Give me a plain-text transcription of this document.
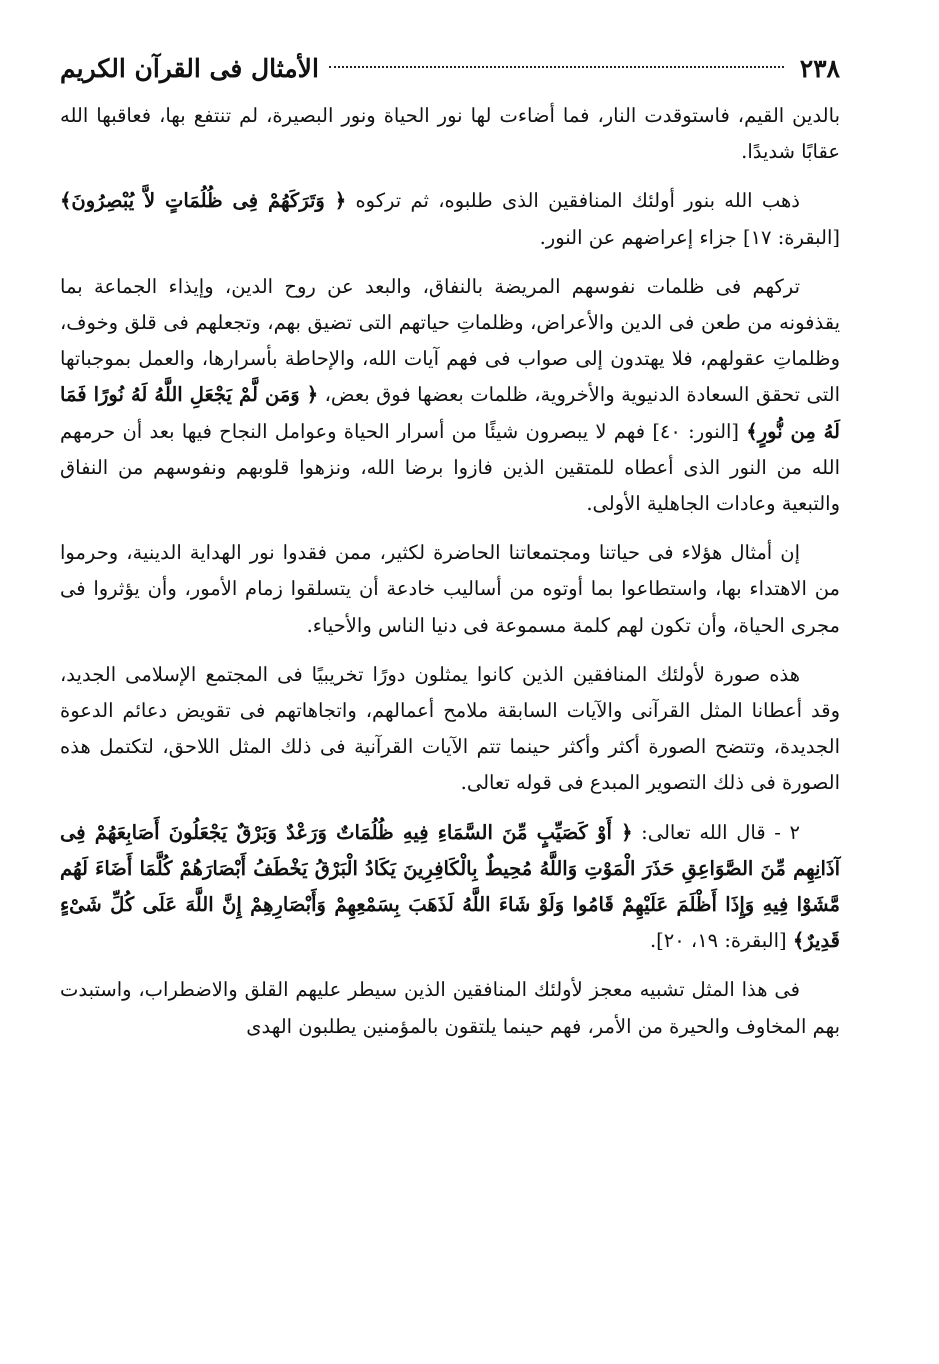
٢٣٨
الأمثال فى القرآن الكريم

بالدين القيم، فاستوقدت النار، فما أضاءت لها نور الحياة ونور البصيرة، لم تنتفع بها، فعاقبها الله عقابًا شديدًا.

ذهب الله بنور أولئك المنافقين الذى طلبوه، ثم تركوه ﴿ وَتَرَكَهُمْ فِى ظُلُمَاتٍ لاَّ يُبْصِرُونَ﴾ [البقرة: ١٧] جزاء إعراضهم عن النور.

تركهم فى ظلمات نفوسهم المريضة بالنفاق، والبعد عن روح الدين، وإيذاء الجماعة بما يقذفونه من طعن فى الدين والأعراض، وظلماتِ حياتهم التى تضيق بهم، وتجعلهم فى قلق وخوف، وظلماتِ عقولهم، فلا يهتدون إلى صواب فى فهم آيات الله، والإحاطة بأسرارها، والعمل بموجباتها التى تحقق السعادة الدنيوية والأخروية، ظلمات بعضها فوق بعض، ﴿ وَمَن لَّمْ يَجْعَلِ اللَّهُ لَهُ نُورًا فَمَا لَهُ مِن نُّورٍ﴾ [النور: ٤٠] فهم لا يبصرون شيئًا من أسرار الحياة وعوامل النجاح فيها بعد أن حرمهم الله من النور الذى أعطاه للمتقين الذين فازوا برضا الله، ونزهوا قلوبهم ونفوسهم من النفاق والتبعية وعادات الجاهلية الأولى.

إن أمثال هؤلاء فى حياتنا ومجتمعاتنا الحاضرة لكثير، ممن فقدوا نور الهداية الدينية، وحرموا من الاهتداء بها، واستطاعوا بما أوتوه من أساليب خادعة أن يتسلقوا زمام الأمور، وأن يؤثروا فى مجرى الحياة، وأن تكون لهم كلمة مسموعة فى دنيا الناس والأحياء.

هذه صورة لأولئك المنافقين الذين كانوا يمثلون دورًا تخريبيًا فى المجتمع الإسلامى الجديد، وقد أعطانا المثل القرآنى والآيات السابقة ملامح أعمالهم، واتجاهاتهم فى تقويض دعائم الدعوة الجديدة، وتتضح الصورة أكثر وأكثر حينما تتم الآيات القرآنية فى ذلك المثل اللاحق، لتكتمل هذه الصورة فى ذلك التصوير المبدع فى قوله تعالى.

٢ - قال الله تعالى: ﴿ أَوْ كَصَيِّبٍ مِّنَ السَّمَاءِ فِيهِ ظُلُمَاتٌ وَرَعْدٌ وَبَرْقٌ يَجْعَلُونَ أَصَابِعَهُمْ فِى آذَانِهِم مِّنَ الصَّوَاعِقِ حَذَرَ الْمَوْتِ وَاللَّهُ مُحِيطٌ بِالْكَافِرِينَ يَكَادُ الْبَرْقُ يَخْطَفُ أَبْصَارَهُمْ كُلَّمَا أَضَاءَ لَهُم مَّشَوْا فِيهِ وَإِذَا أَظْلَمَ عَلَيْهِمْ قَامُوا وَلَوْ شَاءَ اللَّهُ لَذَهَبَ بِسَمْعِهِمْ وَأَبْصَارِهِمْ إِنَّ اللَّهَ عَلَى كُلِّ شَىْءٍ قَدِيرٌ﴾ [البقرة: ١٩، ٢٠].

فى هذا المثل تشبيه معجز لأولئك المنافقين الذين سيطر عليهم القلق والاضطراب، واستبدت بهم المخاوف والحيرة من الأمر، فهم حينما يلتقون بالمؤمنين يطلبون الهدى
